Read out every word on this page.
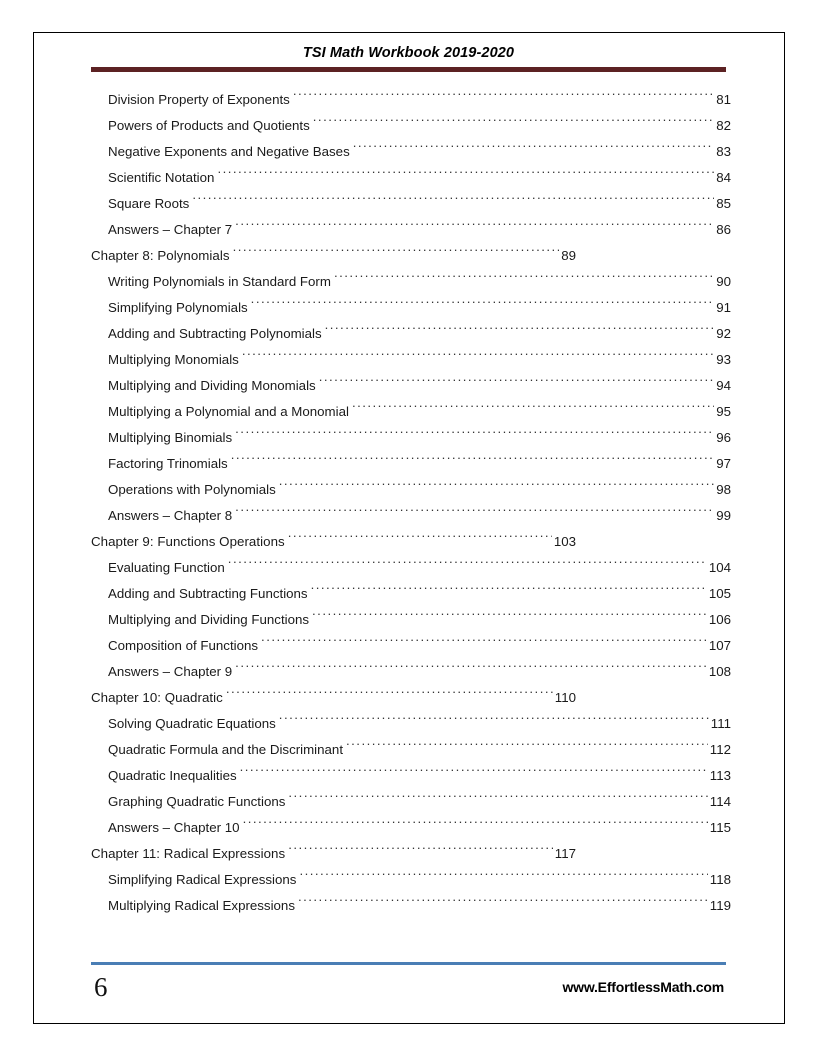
TSI Math Workbook 2019-2020
Division Property of Exponents .....	81
Powers of Products and Quotients .....	82
Negative Exponents and Negative Bases .....	83
Scientific Notation .....	84
Square Roots .....	85
Answers – Chapter 7 .....	86
Chapter 8: Polynomials .....	89
Writing Polynomials in Standard Form .....	90
Simplifying Polynomials .....	91
Adding and Subtracting Polynomials .....	92
Multiplying Monomials .....	93
Multiplying and Dividing Monomials .....	94
Multiplying a Polynomial and a Monomial .....	95
Multiplying Binomials .....	96
Factoring Trinomials .....	97
Operations with Polynomials .....	98
Answers – Chapter 8 .....	99
Chapter 9: Functions Operations .....	103
Evaluating Function .....	104
Adding and Subtracting Functions .....	105
Multiplying and Dividing Functions .....	106
Composition of Functions .....	107
Answers – Chapter 9 .....	108
Chapter 10: Quadratic .....	110
Solving Quadratic Equations .....	111
Quadratic Formula and the Discriminant .....	112
Quadratic Inequalities .....	113
Graphing Quadratic Functions .....	114
Answers – Chapter 10 .....	115
Chapter 11: Radical Expressions .....	117
Simplifying Radical Expressions .....	118
Multiplying Radical Expressions .....	119
6	www.EffortlessMath.com
